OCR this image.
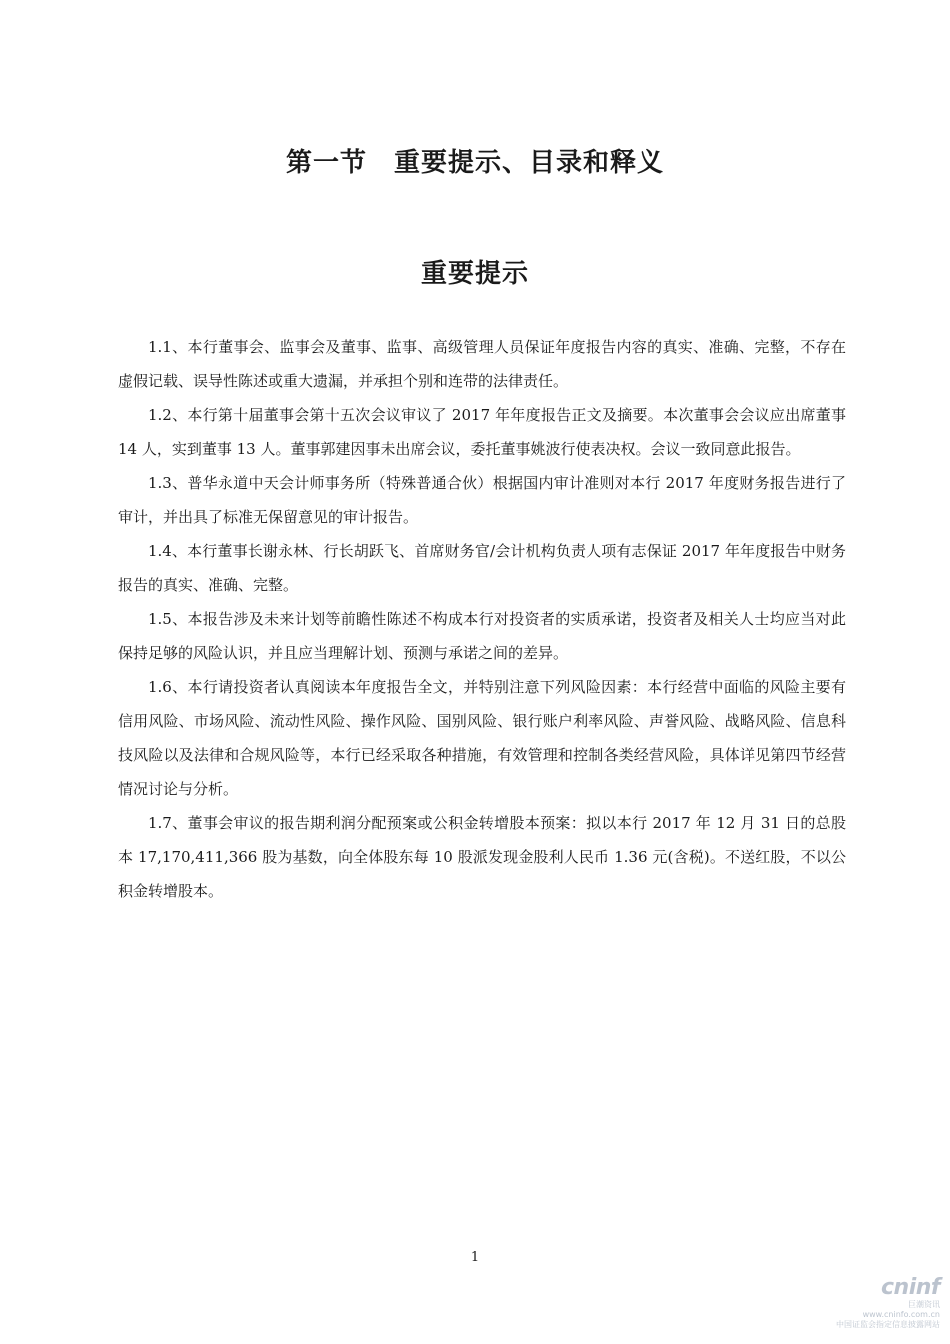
第一节　重要提示、目录和释义
重要提示

1.1、本行董事会、监事会及董事、监事、高级管理人员保证年度报告内容的真实、准确、完整，不存在虚假记载、误导性陈述或重大遗漏，并承担个别和连带的法律责任。

1.2、本行第十届董事会第十五次会议审议了 2017 年年度报告正文及摘要。本次董事会会议应出席董事 14 人，实到董事 13 人。董事郭建因事未出席会议，委托董事姚波行使表决权。会议一致同意此报告。

1.3、普华永道中天会计师事务所（特殊普通合伙）根据国内审计准则对本行 2017 年度财务报告进行了审计，并出具了标准无保留意见的审计报告。

1.4、本行董事长谢永林、行长胡跃飞、首席财务官/会计机构负责人项有志保证 2017 年年度报告中财务报告的真实、准确、完整。

1.5、本报告涉及未来计划等前瞻性陈述不构成本行对投资者的实质承诺，投资者及相关人士均应当对此保持足够的风险认识，并且应当理解计划、预测与承诺之间的差异。

1.6、本行请投资者认真阅读本年度报告全文，并特别注意下列风险因素：本行经营中面临的风险主要有信用风险、市场风险、流动性风险、操作风险、国别风险、银行账户利率风险、声誉风险、战略风险、信息科技风险以及法律和合规风险等，本行已经采取各种措施，有效管理和控制各类经营风险，具体详见第四节经营情况讨论与分析。

1.7、董事会审议的报告期利润分配预案或公积金转增股本预案：拟以本行 2017 年 12 月 31 日的总股本 17,170,411,366 股为基数，向全体股东每 10 股派发现金股利人民币 1.36 元(含税)。不送红股，不以公积金转增股本。

1
cninf
巨潮资讯
www.cninfo.com.cn
中国证监会指定信息披露网站
